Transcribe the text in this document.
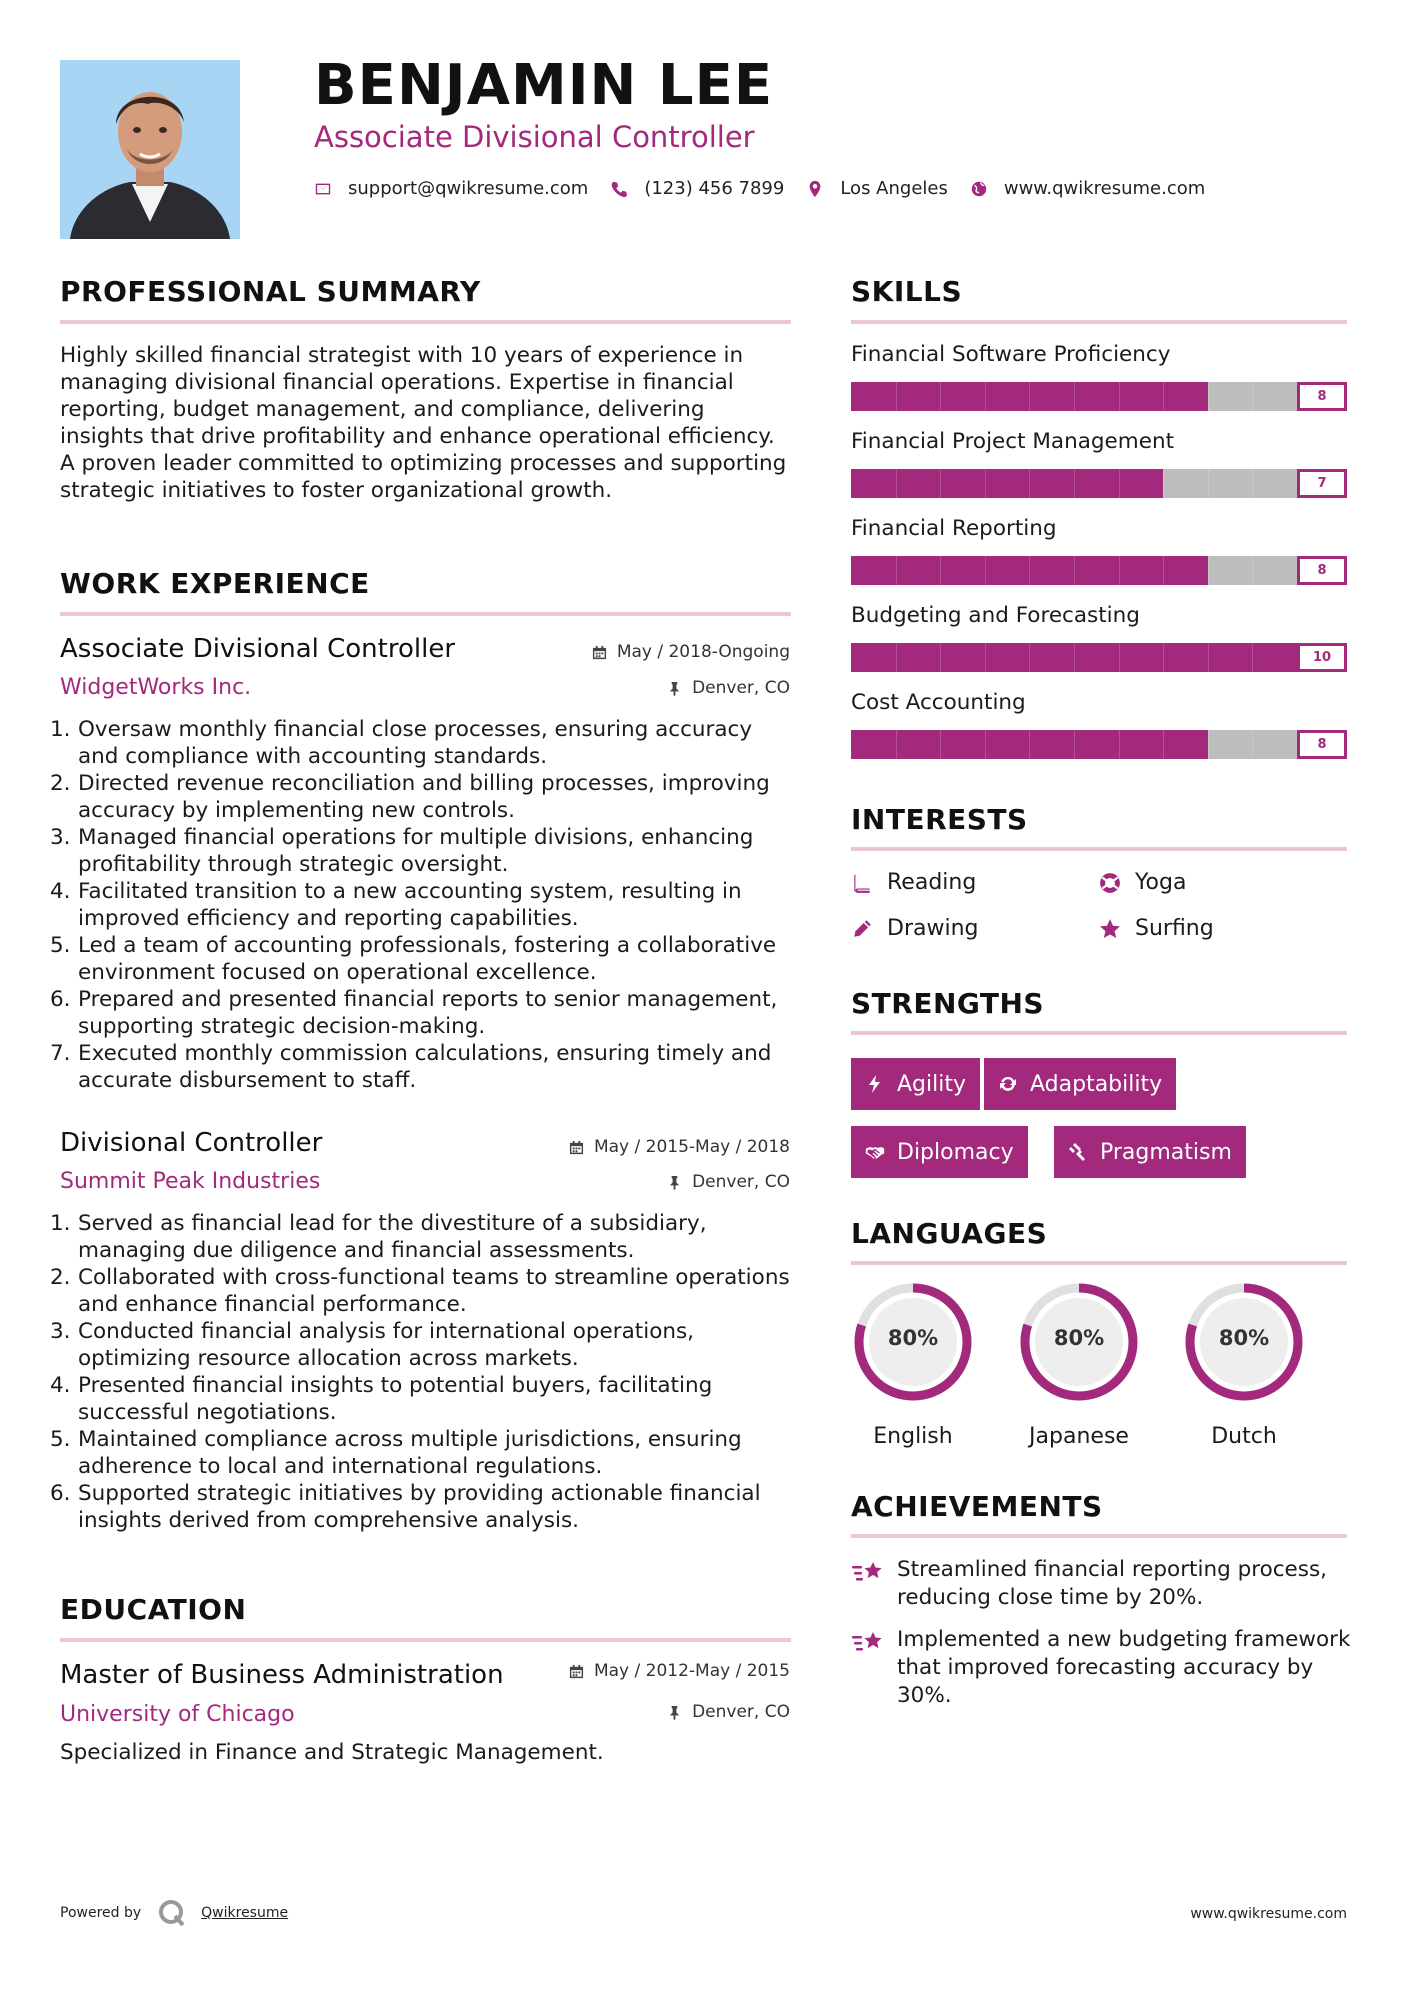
BENJAMIN LEE
Associate Divisional Controller
support@qwikresume.com	(123) 456 7899	Los Angeles	www.qwikresume.com
PROFESSIONAL SUMMARY

Highly skilled financial strategist with 10 years of experience in managing divisional financial operations. Expertise in financial reporting, budget management, and compliance, delivering insights that drive profitability and enhance operational efficiency. A proven leader committed to optimizing processes and supporting strategic initiatives to foster organizational growth.

WORK EXPERIENCE
Associate Divisional Controller	May / 2018-Ongoing
WidgetWorks Inc.	Denver, CO
1. Oversaw monthly financial close processes, ensuring accuracy and compliance with accounting standards.
2. Directed revenue reconciliation and billing processes, improving accuracy by implementing new controls.
3. Managed financial operations for multiple divisions, enhancing profitability through strategic oversight.
4. Facilitated transition to a new accounting system, resulting in improved efficiency and reporting capabilities.
5. Led a team of accounting professionals, fostering a collaborative environment focused on operational excellence.
6. Prepared and presented financial reports to senior management, supporting strategic decision-making.
7. Executed monthly commission calculations, ensuring timely and accurate disbursement to staff.
Divisional Controller	May / 2015-May / 2018
Summit Peak Industries	Denver, CO
1. Served as financial lead for the divestiture of a subsidiary, managing due diligence and financial assessments.
2. Collaborated with cross-functional teams to streamline operations and enhance financial performance.
3. Conducted financial analysis for international operations, optimizing resource allocation across markets.
4. Presented financial insights to potential buyers, facilitating successful negotiations.
5. Maintained compliance across multiple jurisdictions, ensuring adherence to local and international regulations.
6. Supported strategic initiatives by providing actionable financial insights derived from comprehensive analysis.
EDUCATION
Master of Business Administration	May / 2012-May / 2015
University of Chicago	Denver, CO
Specialized in Finance and Strategic Management.
SKILLS
Financial Software Proficiency
8
Financial Project Management
7
Financial Reporting
8
Budgeting and Forecasting
10
Cost Accounting
8
INTERESTS
Reading	Yoga
Drawing	Surfing
STRENGTHS
Agility	Adaptability
Diplomacy	Pragmatism
LANGUAGES
80%
English
80%
Japanese
80%
Dutch
ACHIEVEMENTS

Streamlined financial reporting process, reducing close time by 20%.

Implemented a new budgeting framework that improved forecasting accuracy by 30%.

Powered by	Qwikresume	www.qwikresume.com
